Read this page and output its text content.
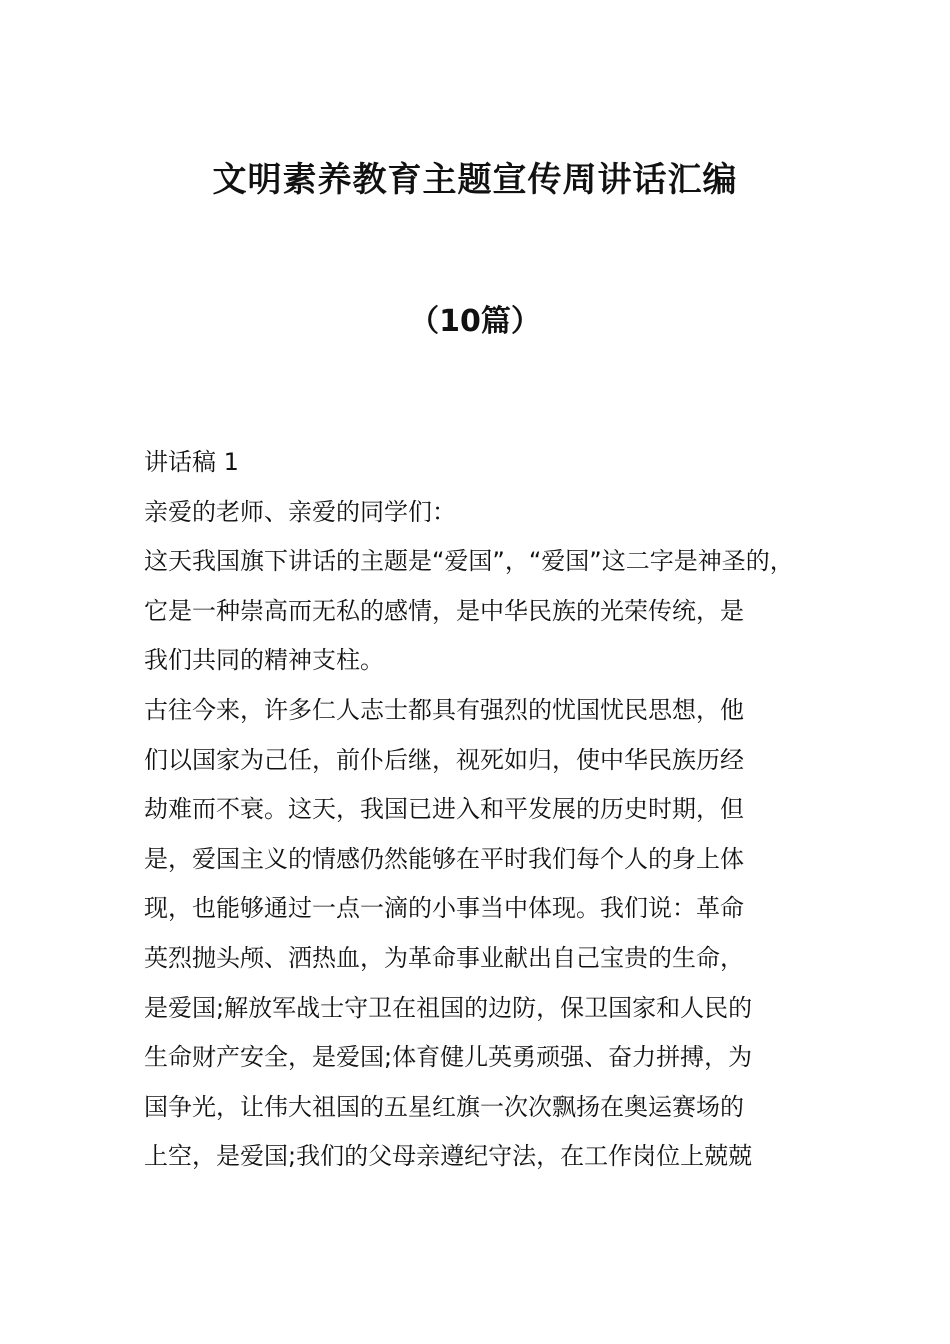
文明素养教育主题宣传周讲话汇编
（10篇）
讲话稿 1
亲爱的老师、亲爱的同学们：
这天我国旗下讲话的主题是“爱国”，“爱国”这二字是神圣的，
它是一种崇高而无私的感情，是中华民族的光荣传统，是
我们共同的精神支柱。
古往今来，许多仁人志士都具有强烈的忧国忧民思想，他
们以国家为己任，前仆后继，视死如归，使中华民族历经
劫难而不衰。这天，我国已进入和平发展的历史时期，但
是，爱国主义的情感仍然能够在平时我们每个人的身上体
现，也能够通过一点一滴的小事当中体现。我们说：革命
英烈抛头颅、洒热血，为革命事业献出自己宝贵的生命，
是爱国;解放军战士守卫在祖国的边防，保卫国家和人民的
生命财产安全，是爱国;体育健儿英勇顽强、奋力拼搏，为
国争光，让伟大祖国的五星红旗一次次飘扬在奥运赛场的
上空，是爱国;我们的父母亲遵纪守法，在工作岗位上兢兢
